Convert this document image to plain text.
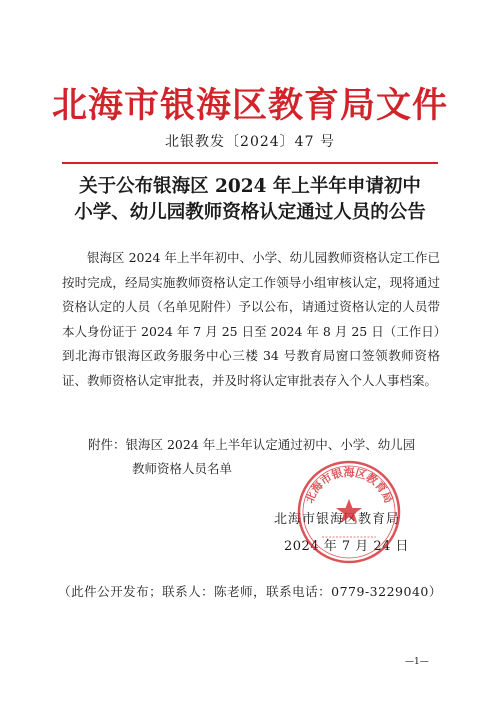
北海市银海区教育局文件
北银教发〔2024〕47 号
关于公布银海区 2024 年上半年申请初中
小学、幼儿园教师资格认定通过人员的公告

银海区 2024 年上半年初中、小学、幼儿园教师资格认定工作已按时完成，经局实施教师资格认定工作领导小组审核认定，现将通过资格认定的人员（名单见附件）予以公布，请通过资格认定的人员带本人身份证于 2024 年 7 月 25 日至 2024 年 8 月 25 日（工作日）到北海市银海区政务服务中心三楼 34 号教育局窗口签领教师资格证、教师资格认定审批表，并及时将认定审批表存入个人人事档案。

附件：银海区 2024 年上半年认定通过初中、小学、幼儿园
教师资格人员名单
北海市银海区教育局
2024 年 7 月 24 日
北海市银海区教育局
（此件公开发布；联系人：陈老师，联系电话：0779-3229040）
—1—
